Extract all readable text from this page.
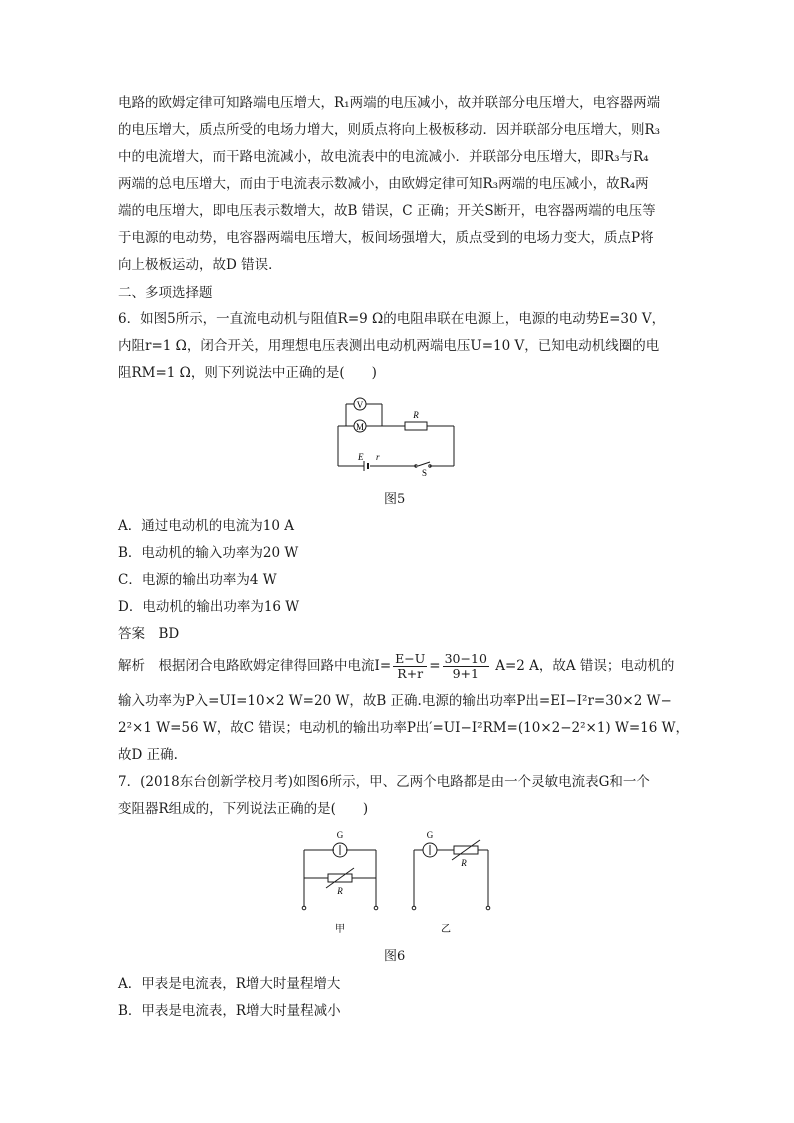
电路的欧姆定律可知路端电压增大，R₁两端的电压减小，故并联部分电压增大，电容器两端
的电压增大，质点所受的电场力增大，则质点将向上极板移动．因并联部分电压增大，则R₃
中的电流增大，而干路电流减小，故电流表中的电流减小．并联部分电压增大，即R₃与R₄
两端的总电压增大，而由于电流表示数减小，由欧姆定律可知R₃两端的电压减小，故R₄两
端的电压增大，即电压表示数增大，故B 错误，C 正确；开关S断开，电容器两端的电压等
于电源的电动势，电容器两端电压增大，板间场强增大，质点受到的电场力变大，质点P将
向上极板运动，故D 错误．
二、多项选择题
6．如图5所示，一直流电动机与阻值R=9 Ω的电阻串联在电源上，电源的电动势E=30 V，
内阻r=1 Ω，闭合开关，用理想电压表测出电动机两端电压U=10 V，已知电动机线圈的电
阻RM=1 Ω，则下列说法中正确的是(　　)
V
M
R
E r
S
图5
A．通过电动机的电流为10 A
B．电动机的输入功率为20 W
C．电源的输出功率为4 W
D．电动机的输出功率为16 W
答案　BD
解析　根据闭合电路欧姆定律得回路中电流$I= \frac{E-U}{R+r} = \frac{30-10}{9+1} A=2$ A，故A 错误；电动机的
输入功率为P入=UI=10×2 W=20 W，故B 正确.电源的输出功率P出=EI−I²r=30×2 W−
2²×1 W=56 W，故C 错误；电动机的输出功率P出′=UI−I²RM=(10×2−2²×1) W=16 W，
故D 正确.
7．(2018东台创新学校月考)如图6所示，甲、乙两个电路都是由一个灵敏电流表G和一个
变阻器R组成的，下列说法正确的是(　　)
G
R
G
R
甲	乙
图6
A．甲表是电流表，R增大时量程增大
B．甲表是电流表，R增大时量程减小
